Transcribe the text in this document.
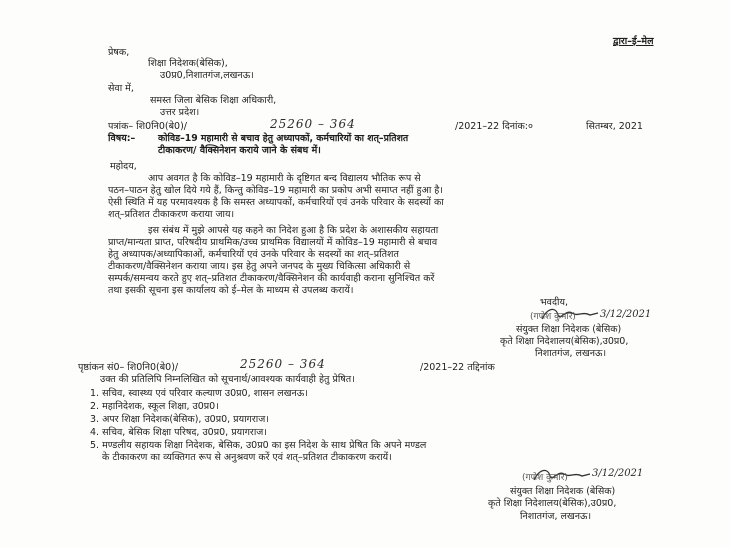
द्वारा–ई–मेल
प्रेषक,
शिक्षा निदेशक(बेसिक),
उ0प्र0,निशातगंज,लखनऊ।
सेवा में,
समस्त जिला बेसिक शिक्षा अधिकारी,
उत्तर प्रदेश।
पत्रांक– शि0नि0(बे0)/	25260 – 364	/2021–22 दिनांक:०	सितम्बर, 2021
विषय:– कोविड–19 महामारी से बचाव हेतु अध्यापकों, कर्मचारियों का शत्–प्रतिशत
टीकाकरण/ वैक्सिनेशन कराये जाने के संबध में।
महोदय,
आप अवगत है कि कोविड–19 महामारी के दृष्टिगत बन्द विद्यालय भौतिक रूप से
पठन–पाठन हेतु खोल दिये गये हैं, किन्तु कोविड–19 महामारी का प्रकोप अभी समाप्त नहीं हुआ है।
ऐसी स्थिति में यह परमावश्यक है कि समस्त अध्यापकों, कर्मचारियों एवं उनके परिवार के सदस्यों का
शत्–प्रतिशत टीकाकरण कराया जाय।
इस संबंध में मुझे आपसे यह कहने का निदेश हुआ है कि प्रदेश के अशासकीय सहायता
प्राप्त/मान्यता प्राप्त, परिषदीय प्राथमिक/उच्च प्राथमिक विद्यालयों में कोविड–19 महामारी से बचाव
हेतु अध्यापक/अध्यापिकाओं, कर्मचारियों एवं उनके परिवार के सदस्यों का शत्–प्रतिशत
टीकाकरण/वैक्सिनेशन कराया जाय। इस हेतु अपने जनपद के मुख्य चिकित्सा अधिकारी से
सम्पर्क/समन्वय करते हुए शत्–प्रतिशत टीकाकरण/वैक्सिनेशन की कार्यवाही कराना सुनिश्चित करें
तथा इसकी सूचना इस कार्यालय को ई–मेल के माध्यम से उपलब्ध करायें।
भवदीय,
3/12/2021
(गणेश कुमार)
संयुक्त शिक्षा निदेशक (बेसिक)
कृते शिक्षा निदेशालय(बेसिक),उ0प्र0,
निशातगंज, लखनऊ।
पृष्ठांकन सं0– शि0नि0(बे0)/	25260 – 364	/2021–22 तद्दिनांक
उक्त की प्रतिलिपि निम्नलिखित को सूचनार्थ/आवश्यक कार्यवाही हेतु प्रेषित।
1. सचिव, स्वास्थ्य एवं परिवार कल्याण उ0प्र0, शासन लखनऊ।
2. महानिदेशक, स्कूल शिक्षा, उ0प्र0।
3. अपर शिक्षा निदेशक(बेसिक), उ0प्र0, प्रयागराज।
4. सचिव, बेसिक शिक्षा परिषद, उ0प्र0, प्रयागराज।
5. मण्डलीय सहायक शिक्षा निदेशक, बेसिक, उ0प्र0 का इस निदेश के साथ प्रेषित कि अपने मण्डल
के टीकाकरण का व्यक्तिगत रूप से अनुश्रवण करें एवं शत्–प्रतिशत टीकाकरण करायें।
3/12/2021
(गणेश कुमार)
संयुक्त शिक्षा निदेशक (बेसिक)
कृते शिक्षा निदेशालय(बेसिक),उ0प्र0,
निशातगंज, लखनऊ।
